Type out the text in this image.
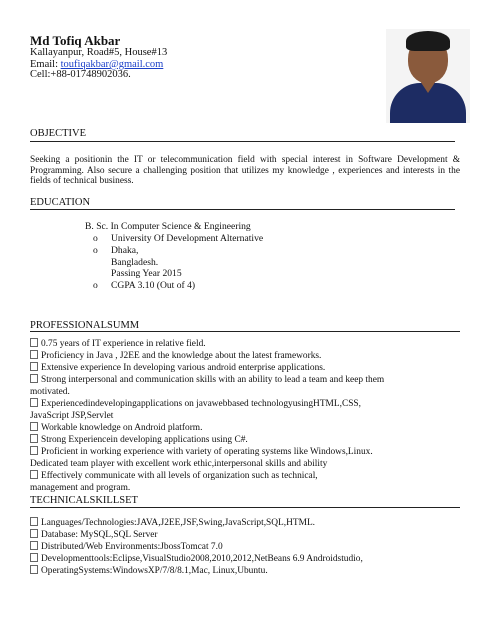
Md Tofiq Akbar
Kallayanpur, Road#5, House#13
Email: toufiqakbar@gmail.com
Cell:+88-01748902036.
OBJECTIVE
Seeking a positionin the IT or telecommunication field with special interest in Software Development & Programming. Also secure a challenging position that utilizes my knowledge , experiences and interests in the fields of technical business.
EDUCATION
B. Sc. In Computer Science & Engineering
o University Of Development Alternative
o Dhaka,
Bangladesh.
Passing Year 2015
o CGPA 3.10 (Out of 4)
PROFESSIONALSUMM
0.75 years of IT experience in relative field.
Proficiency in Java , J2EE and the knowledge about the latest frameworks.
Extensive experience In developing various android enterprise applications.
Strong interpersonal and communication skills with an ability to lead a team and keep them
motivated.
Experiencedindevelopingapplications on javawebbased technologyusingHTML,CSS,
JavaScript JSP,Servlet
Workable knowledge on Android platform.
Strong Experiencein developing applications using C#.
Proficient in working experience with variety of operating systems like Windows,Linux.
Dedicated team player with excellent work ethic,interpersonal skills and ability
Effectively communicate with all levels of organization such as technical,
management and program.
TECHNICALSKILLSET
Languages/Technologies:JAVA,J2EE,JSF,Swing,JavaScript,SQL,HTML.
Database: MySQL,SQL Server
Distributed/Web Environments:JbossTomcat 7.0
Developmenttools:Eclipse,VisualStudio2008,2010,2012,NetBeans 6.9 Androidstudio,
OperatingSystems:WindowsXP/7/8/8.1,Mac, Linux,Ubuntu.
